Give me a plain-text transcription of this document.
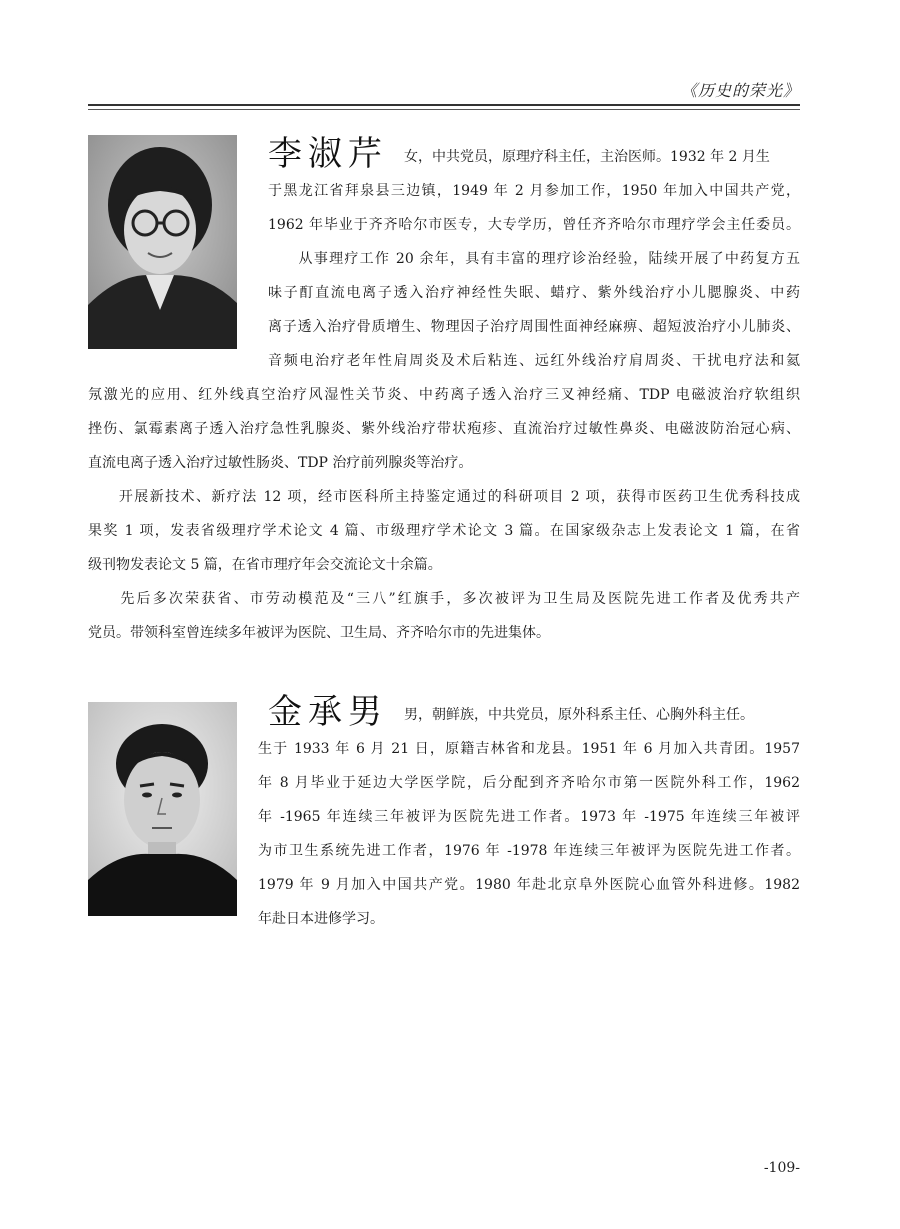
《历史的荣光》
李淑芹 女，中共党员，原理疗科主任，主治医师。1932 年 2 月生
于黑龙江省拜泉县三边镇，1949 年 2 月参加工作，1950 年加入中国共产党，
1962 年毕业于齐齐哈尔市医专，大专学历，曾任齐齐哈尔市理疗学会主任委员。
　　从事理疗工作 20 余年，具有丰富的理疗诊治经验，陆续开展了中药复方五
味子酊直流电离子透入治疗神经性失眠、蜡疗、紫外线治疗小儿腮腺炎、中药
离子透入治疗骨质增生、物理因子治疗周围性面神经麻痹、超短波治疗小儿肺炎、
音频电治疗老年性肩周炎及术后粘连、远红外线治疗肩周炎、干扰电疗法和氦
氖激光的应用、红外线真空治疗风湿性关节炎、中药离子透入治疗三叉神经痛、TDP 电磁波治疗软组织
挫伤、氯霉素离子透入治疗急性乳腺炎、紫外线治疗带状疱疹、直流治疗过敏性鼻炎、电磁波防治冠心病、
直流电离子透入治疗过敏性肠炎、TDP 治疗前列腺炎等治疗。
　　开展新技术、新疗法 12 项，经市医科所主持鉴定通过的科研项目 2 项，获得市医药卫生优秀科技成
果奖 1 项，发表省级理疗学术论文 4 篇、市级理疗学术论文 3 篇。在国家级杂志上发表论文 1 篇，在省
级刊物发表论文 5 篇，在省市理疗年会交流论文十余篇。
　　先后多次荣获省、市劳动模范及“三八”红旗手，多次被评为卫生局及医院先进工作者及优秀共产
党员。带领科室曾连续多年被评为医院、卫生局、齐齐哈尔市的先进集体。
金承男 男，朝鲜族，中共党员，原外科系主任、心胸外科主任。
生于 1933 年 6 月 21 日，原籍吉林省和龙县。1951 年 6 月加入共青团。1957
年 8 月毕业于延边大学医学院，后分配到齐齐哈尔市第一医院外科工作，1962
年 -1965 年连续三年被评为医院先进工作者。1973 年 -1975 年连续三年被评
为市卫生系统先进工作者，1976 年 -1978 年连续三年被评为医院先进工作者。
1979 年 9 月加入中国共产党。1980 年赴北京阜外医院心血管外科进修。1982
年赴日本进修学习。
-109-
